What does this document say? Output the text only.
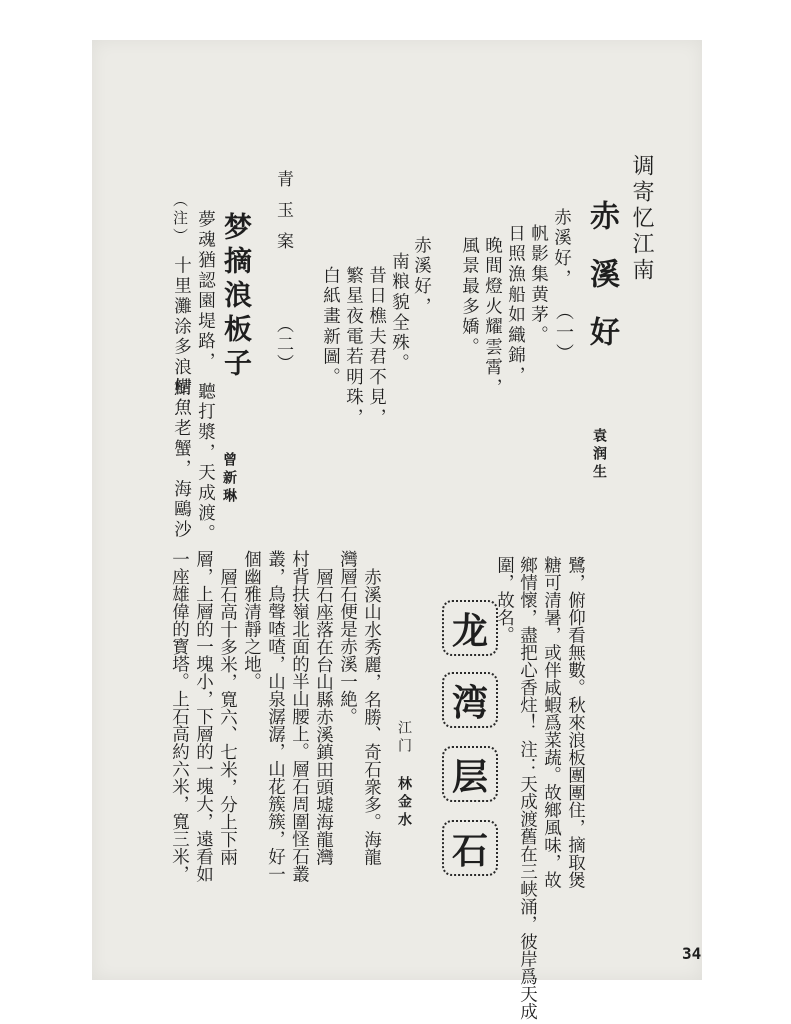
调寄忆江南
赤溪好
（一）
袁润生
赤溪好，
帆影集黄茅。
日照漁船如織錦，
晚間燈火耀雲霄，
風景最多嬌。
赤溪好，
南粮貌全殊。
昔日樵夫君不見，
繁星夜電若明珠，
白紙畫新圖。
青玉案
（二）
梦摘浪板子
曾新琳
夢魂猶認園堤路，
聽打漿，天成渡。
十里灘涂多浪樹，
鯖魚老蟹，海鷗沙
（注）
鷺，俯仰看無數。秋來浪板團團住，摘取煲
糖可清暑，或伴咸蝦爲菜蔬。故鄉風味，故
鄉情懷，盡把心香炷！
注：天成渡舊在三峡涌，彼岸爲天成
圍，故名。
龙
湾
层
石
江门
林金水
赤溪山水秀麗，名勝、奇石衆多。海龍
灣層石便是赤溪一絶。
層石座落在台山縣赤溪鎮田頭墟海龍灣
村背扶嶺北面的半山腰上。層石周圍怪石叢
叢，鳥聲喳喳，山泉潺潺，山花簇簇，好一
個幽雅清靜之地。
層石高十多米，寬六、七米，分上下兩
層，上層的一塊小，下層的一塊大，遠看如
一座雄偉的寳塔。上石高約六米，寬三米，
34
